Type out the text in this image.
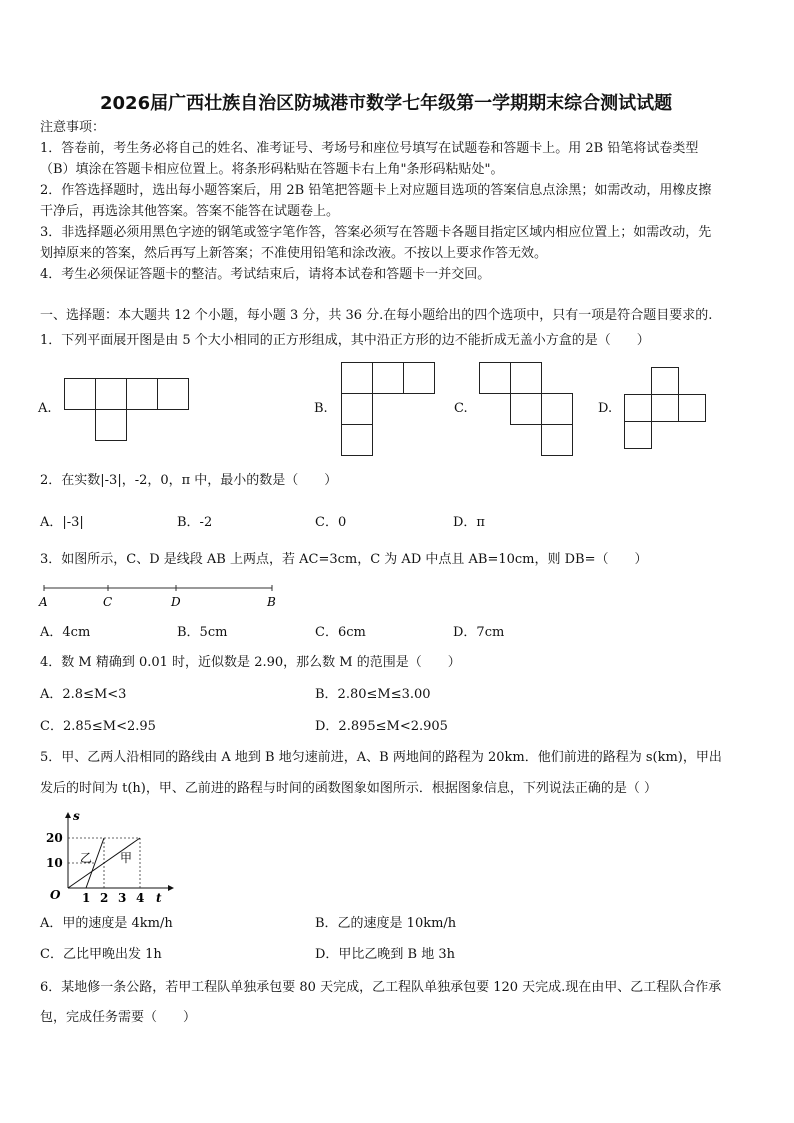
2026届广西壮族自治区防城港市数学七年级第一学期期末综合测试试题
注意事项：
1．答卷前，考生务必将自己的姓名、准考证号、考场号和座位号填写在试题卷和答题卡上。用 2B 铅笔将试卷类型
（B）填涂在答题卡相应位置上。将条形码粘贴在答题卡右上角"条形码粘贴处"。
2．作答选择题时，选出每小题答案后，用 2B 铅笔把答题卡上对应题目选项的答案信息点涂黑；如需改动，用橡皮擦
干净后，再选涂其他答案。答案不能答在试题卷上。
3．非选择题必须用黑色字迹的钢笔或签字笔作答，答案必须写在答题卡各题目指定区域内相应位置上；如需改动，先
划掉原来的答案，然后再写上新答案；不准使用铅笔和涂改液。不按以上要求作答无效。
4．考生必须保证答题卡的整洁。考试结束后，请将本试卷和答题卡一并交回。
一、选择题：本大题共 12 个小题，每小题 3 分，共 36 分.在每小题给出的四个选项中，只有一项是符合题目要求的.
1．下列平面展开图是由 5 个大小相同的正方形组成，其中沿正方形的边不能折成无盖小方盒的是（　　）
A.	B.	C.	D.
2．在实数|-3|，-2，0，π 中，最小的数是（　　）
A．|-3|	B．-2	C．0	D．π
3．如图所示，C、D 是线段 AB 上两点，若 AC=3cm，C 为 AD 中点且 AB=10cm，则 DB=（　　）
A	C	D	B
A．4cm	B．5cm	C．6cm	D．7cm
4．数 M 精确到 0.01 时，近似数是 2.90，那么数 M 的范围是（　　）
A．2.8≤M<3	B．2.80≤M≤3.00
C．2.85≤M<2.95	D．2.895≤M<2.905
5．甲、乙两人沿相同的路线由 A 地到 B 地匀速前进，A、B 两地间的路程为 20km．他们前进的路程为 s(km)，甲出
发后的时间为 t(h)，甲、乙前进的路程与时间的函数图象如图所示．根据图象信息，下列说法正确的是（ ）
s
t
O
20
10
1 2 3 4
乙 甲
A．甲的速度是 4km/h	B．乙的速度是 10km/h
C．乙比甲晚出发 1h	D．甲比乙晚到 B 地 3h
6．某地修一条公路，若甲工程队单独承包要 80 天完成，乙工程队单独承包要 120 天完成.现在由甲、乙工程队合作承
包，完成任务需要（　　）
